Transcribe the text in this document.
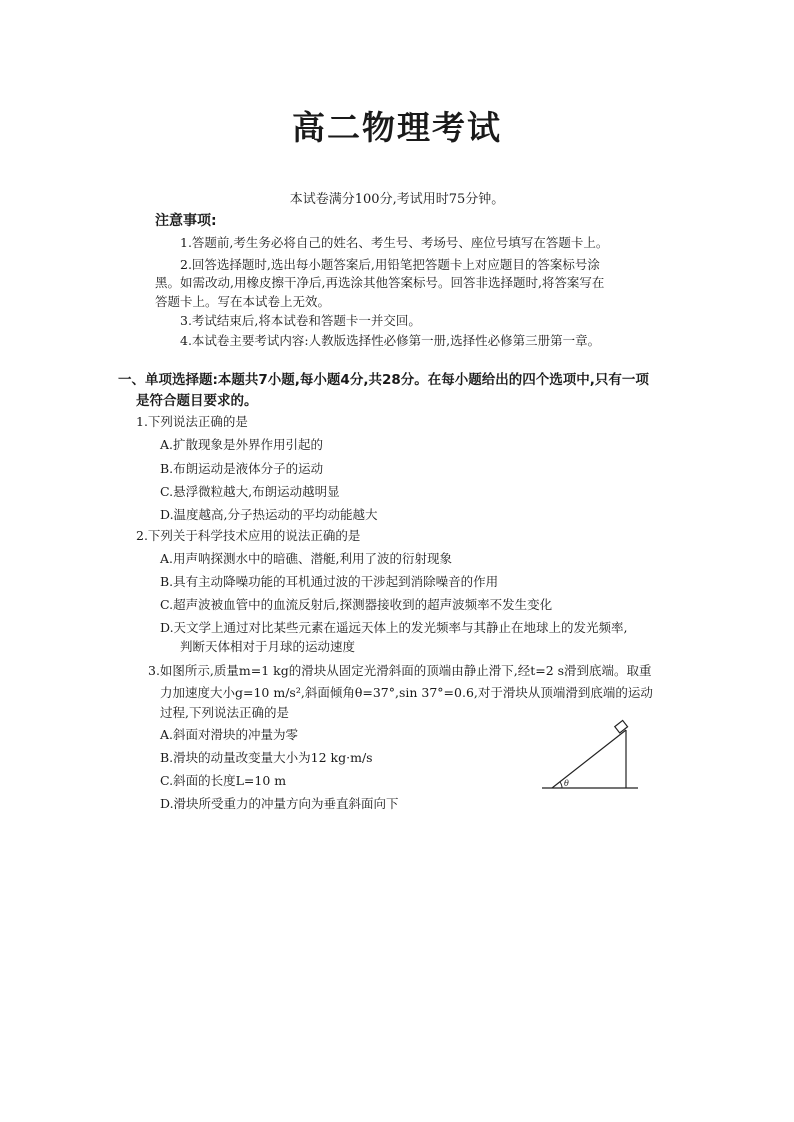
高二物理考试
本试卷满分100分,考试用时75分钟。
注意事项:
1.答题前,考生务必将自己的姓名、考生号、考场号、座位号填写在答题卡上。
2.回答选择题时,选出每小题答案后,用铅笔把答题卡上对应题目的答案标号涂
黑。如需改动,用橡皮擦干净后,再选涂其他答案标号。回答非选择题时,将答案写在
答题卡上。写在本试卷上无效。
3.考试结束后,将本试卷和答题卡一并交回。
4.本试卷主要考试内容:人教版选择性必修第一册,选择性必修第三册第一章。
一、单项选择题:本题共7小题,每小题4分,共28分。在每小题给出的四个选项中,只有一项
是符合题目要求的。
1.下列说法正确的是
A.扩散现象是外界作用引起的
B.布朗运动是液体分子的运动
C.悬浮微粒越大,布朗运动越明显
D.温度越高,分子热运动的平均动能越大
2.下列关于科学技术应用的说法正确的是
A.用声呐探测水中的暗礁、潜艇,利用了波的衍射现象
B.具有主动降噪功能的耳机通过波的干涉起到消除噪音的作用
C.超声波被血管中的血流反射后,探测器接收到的超声波频率不发生变化
D.天文学上通过对比某些元素在遥远天体上的发光频率与其静止在地球上的发光频率,
判断天体相对于月球的运动速度
3.如图所示,质量m=1 kg的滑块从固定光滑斜面的顶端由静止滑下,经t=2 s滑到底端。取重
力加速度大小g=10 m/s²,斜面倾角θ=37°,sin 37°=0.6,对于滑块从顶端滑到底端的运动
过程,下列说法正确的是
A.斜面对滑块的冲量为零
B.滑块的动量改变量大小为12 kg·m/s
C.斜面的长度L=10 m
D.滑块所受重力的冲量方向为垂直斜面向下
θ
